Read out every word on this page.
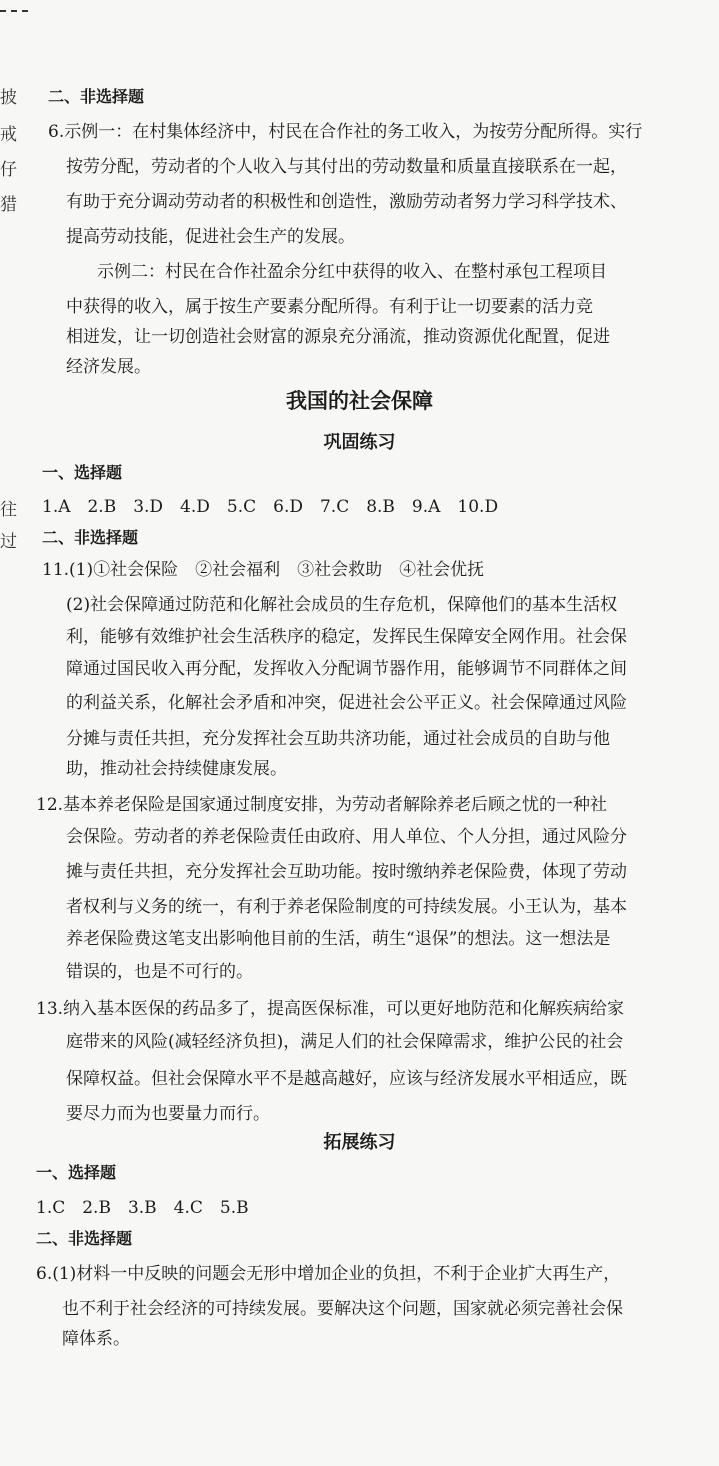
披
戒
仔
猎
往
过
二、非选择题
6.示例一：在村集体经济中，村民在合作社的务工收入，为按劳分配所得。实行
按劳分配，劳动者的个人收入与其付出的劳动数量和质量直接联系在一起，
有助于充分调动劳动者的积极性和创造性，激励劳动者努力学习科学技术、
提高劳动技能，促进社会生产的发展。
　示例二：村民在合作社盈余分红中获得的收入、在整村承包工程项目
中获得的收入，属于按生产要素分配所得。有利于让一切要素的活力竞
相迸发，让一切创造社会财富的源泉充分涌流，推动资源优化配置，促进
经济发展。
我国的社会保障
巩固练习
一、选择题
1.A　2.B　3.D　4.D　5.C　6.D　7.C　8.B　9.A　10.D
二、非选择题
11.(1)①社会保险　②社会福利　③社会救助　④社会优抚
(2)社会保障通过防范和化解社会成员的生存危机，保障他们的基本生活权
利，能够有效维护社会生活秩序的稳定，发挥民生保障安全网作用。社会保
障通过国民收入再分配，发挥收入分配调节器作用，能够调节不同群体之间
的利益关系，化解社会矛盾和冲突，促进社会公平正义。社会保障通过风险
分摊与责任共担，充分发挥社会互助共济功能，通过社会成员的自助与他
助，推动社会持续健康发展。
12.基本养老保险是国家通过制度安排，为劳动者解除养老后顾之忧的一种社
会保险。劳动者的养老保险责任由政府、用人单位、个人分担，通过风险分
摊与责任共担，充分发挥社会互助功能。按时缴纳养老保险费，体现了劳动
者权利与义务的统一，有利于养老保险制度的可持续发展。小王认为，基本
养老保险费这笔支出影响他目前的生活，萌生“退保”的想法。这一想法是
错误的，也是不可行的。
13.纳入基本医保的药品多了，提高医保标准，可以更好地防范和化解疾病给家
庭带来的风险(减轻经济负担)，满足人们的社会保障需求，维护公民的社会
保障权益。但社会保障水平不是越高越好，应该与经济发展水平相适应，既
要尽力而为也要量力而行。
拓展练习
一、选择题
1.C　2.B　3.B　4.C　5.B
二、非选择题
6.(1)材料一中反映的问题会无形中增加企业的负担，不利于企业扩大再生产，
也不利于社会经济的可持续发展。要解决这个问题，国家就必须完善社会保
障体系。
